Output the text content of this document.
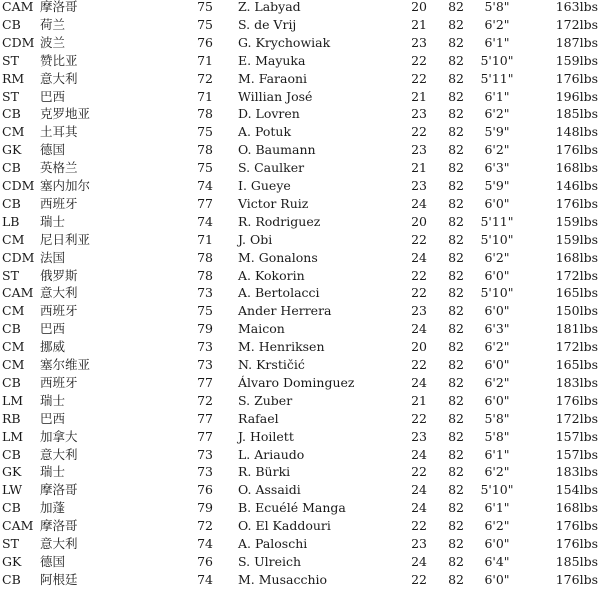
CAM 摩洛哥	75 Z. Labyad	20	82	5'8"	163lbs
CB 荷兰	75 S. de Vrij	21	82	6'2"	172lbs
CDM 波兰	76 G. Krychowiak	23	82	6'1"	187lbs
ST 赞比亚	71 E. Mayuka	22	82	5'10"	159lbs
RM 意大利	72 M. Faraoni	22	82	5'11"	176lbs
ST 巴西	71 Willian José	21	82	6'1"	196lbs
CB 克罗地亚	78 D. Lovren	23	82	6'2"	185lbs
CM 土耳其	75 A. Potuk	22	82	5'9"	148lbs
GK 德国	78 O. Baumann	23	82	6'2"	176lbs
CB 英格兰	75 S. Caulker	21	82	6'3"	168lbs
CDM 塞内加尔	74 I. Gueye	23	82	5'9"	146lbs
CB 西班牙	77 Victor Ruiz	24	82	6'0"	176lbs
LB 瑞士	74 R. Rodriguez	20	82	5'11"	159lbs
CM 尼日利亚	71 J. Obi	22	82	5'10"	159lbs
CDM 法国	78 M. Gonalons	24	82	6'2"	168lbs
ST 俄罗斯	78 A. Kokorin	22	82	6'0"	172lbs
CAM 意大利	73 A. Bertolacci	22	82	5'10"	165lbs
CM 西班牙	75 Ander Herrera	23	82	6'0"	150lbs
CB 巴西	79 Maicon	24	82	6'3"	181lbs
CM 挪威	73 M. Henriksen	20	82	6'2"	172lbs
CM 塞尔维亚	73 N. Krstičić	22	82	6'0"	165lbs
CB 西班牙	77 Álvaro Dominguez	24	82	6'2"	183lbs
LM 瑞士	72 S. Zuber	21	82	6'0"	176lbs
RB 巴西	77 Rafael	22	82	5'8"	172lbs
LM 加拿大	77 J. Hoilett	23	82	5'8"	157lbs
CB 意大利	73 L. Ariaudo	24	82	6'1"	157lbs
GK 瑞士	73 R. Bürki	22	82	6'2"	183lbs
LW 摩洛哥	76 O. Assaidi	24	82	5'10"	154lbs
CB 加蓬	79 B. Ecuélé Manga	24	82	6'1"	168lbs
CAM 摩洛哥	72 O. El Kaddouri	22	82	6'2"	176lbs
ST 意大利	74 A. Paloschi	23	82	6'0"	176lbs
GK 德国	76 S. Ulreich	24	82	6'4"	185lbs
CB 阿根廷	74 M. Musacchio	22	82	6'0"	176lbs
